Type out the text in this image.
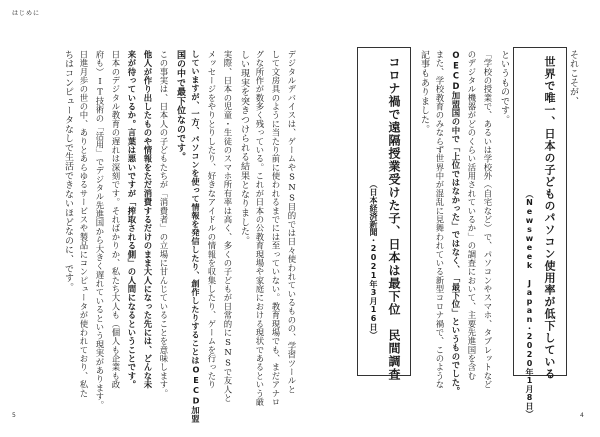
はじめに
それこそが、
世界で唯一、日本の子どものパソコン使用率が低下している
（Newsweek Japan・2020年1月8日）
というものです。
「学校の授業で、あるいは学校外（自宅など）で、パソコンやスマホ、タブレットなど
のデジタル機器がどのくらい活用されているか」の調査において、主要先進国を含む
OECD加盟国の中で「上位ではなかった」ではなく、「最下位」というものでした。
また、学校教育のみならず世界中が混乱に見舞われている新型コロナ禍で、このような
記事もありました。
コロナ禍で遠隔授業受けた子、日本は最下位　民間調査
（日本経済新聞・2021年3月16日）
デジタルデバイスは、ゲームやSNS目的では日々使われているものの、学習ツールと
して文房具のように当たり前に使われるまでには至っていない。教育現場でも、まだアナロ
グな所作が数多く残っている。これが日本の公教育現場や家庭における現状であるという厳
しい現実を突きつけられる結果となりました。
実際、日本の児童・生徒のスマホ所有率は高く、多くの子どもが日常的にSNSで友人と
メッセージをやりとりしたり、好きなアイドルの情報を収集したり、ゲームを行ったり
していますが、一方、パソコンを使って情報を発信したり、創作したりすることはOECD加盟
国の中で最下位なのです。
この事実は、日本人の子どもたちが「消費者」の立場に甘んじていることを意味します。
他人が作り出したものや情報をただ消費するだけのまま大人になった先には、どんな未
来が待っているか。言葉は悪いですが「搾取される側」の人間になるということです。
日本のデジタル教育の遅れは深刻です。そればかりか、私たち大人も（個人も企業も政
府も）IT技術の「活用」でデジタル先進国から大きく遅れているという現実があります。
日進月歩の世の中、ありとあらゆるサービスや製品にコンピュータが使われており、私た
ちはコンピュータなしで生活できないほどなのに、です。
5	4
